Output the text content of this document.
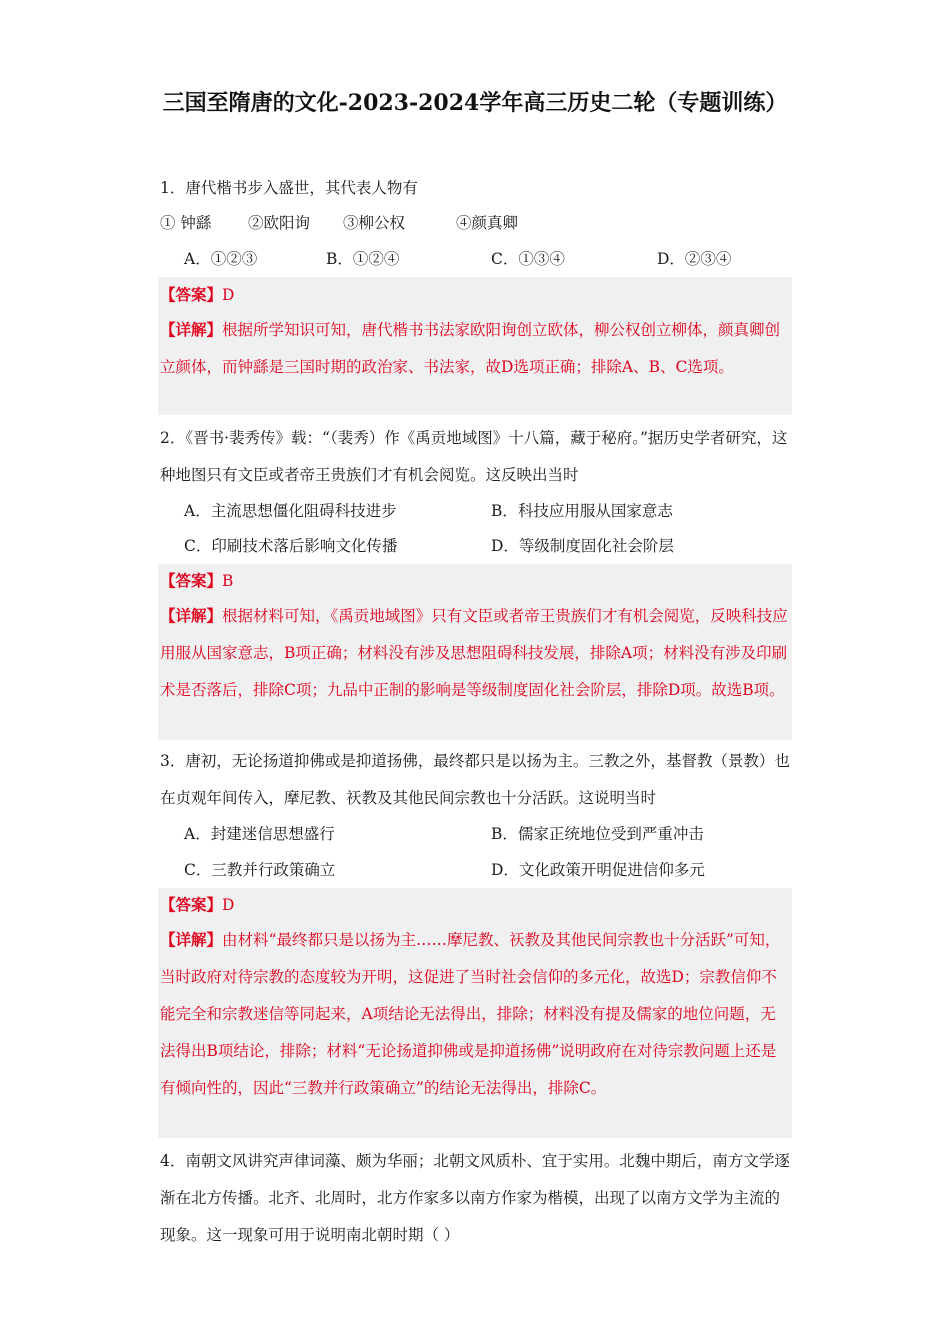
三国至隋唐的文化-2023-2024学年高三历史二轮（专题训练）
1．唐代楷书步入盛世，其代表人物有
① 钟繇 ②欧阳询 ③柳公权	④颜真卿
A．①②③	B．①②④	C．①③④	D．②③④
【答案】D
【详解】根据所学知识可知，唐代楷书书法家欧阳询创立欧体，柳公权创立柳体，颜真卿创立颜体，而钟繇是三国时期的政治家、书法家，故D选项正确；排除A、B、C选项。
2．《晋书·裴秀传》载：“（裴秀）作《禹贡地域图》十八篇，藏于秘府。”据历史学者研究，这种地图只有文臣或者帝王贵族们才有机会阅览。这反映出当时
A．主流思想僵化阻碍科技进步	B．科技应用服从国家意志
C．印刷技术落后影响文化传播	D．等级制度固化社会阶层
【答案】B
【详解】根据材料可知，《禹贡地域图》只有文臣或者帝王贵族们才有机会阅览，反映科技应用服从国家意志，B项正确；材料没有涉及思想阻碍科技发展，排除A项；材料没有涉及印刷术是否落后，排除C项；九品中正制的影响是等级制度固化社会阶层，排除D项。故选B项。
3．唐初，无论扬道抑佛或是抑道扬佛，最终都只是以扬为主。三教之外，基督教（景教）也在贞观年间传入，摩尼教、祆教及其他民间宗教也十分活跃。这说明当时
A．封建迷信思想盛行	B．儒家正统地位受到严重冲击
C．三教并行政策确立	D．文化政策开明促进信仰多元
【答案】D
【详解】由材料“最终都只是以扬为主……摩尼教、祆教及其他民间宗教也十分活跃”可知，当时政府对待宗教的态度较为开明，这促进了当时社会信仰的多元化，故选D；宗教信仰不能完全和宗教迷信等同起来，A项结论无法得出，排除；材料没有提及儒家的地位问题，无法得出B项结论，排除；材料“无论扬道抑佛或是抑道扬佛”说明政府在对待宗教问题上还是有倾向性的，因此“三教并行政策确立”的结论无法得出，排除C。
4．南朝文风讲究声律词藻、颇为华丽；北朝文风质朴、宜于实用。北魏中期后，南方文学逐渐在北方传播。北齐、北周时，北方作家多以南方作家为楷模，出现了以南方文学为主流的现象。这一现象可用于说明南北朝时期（ ）
